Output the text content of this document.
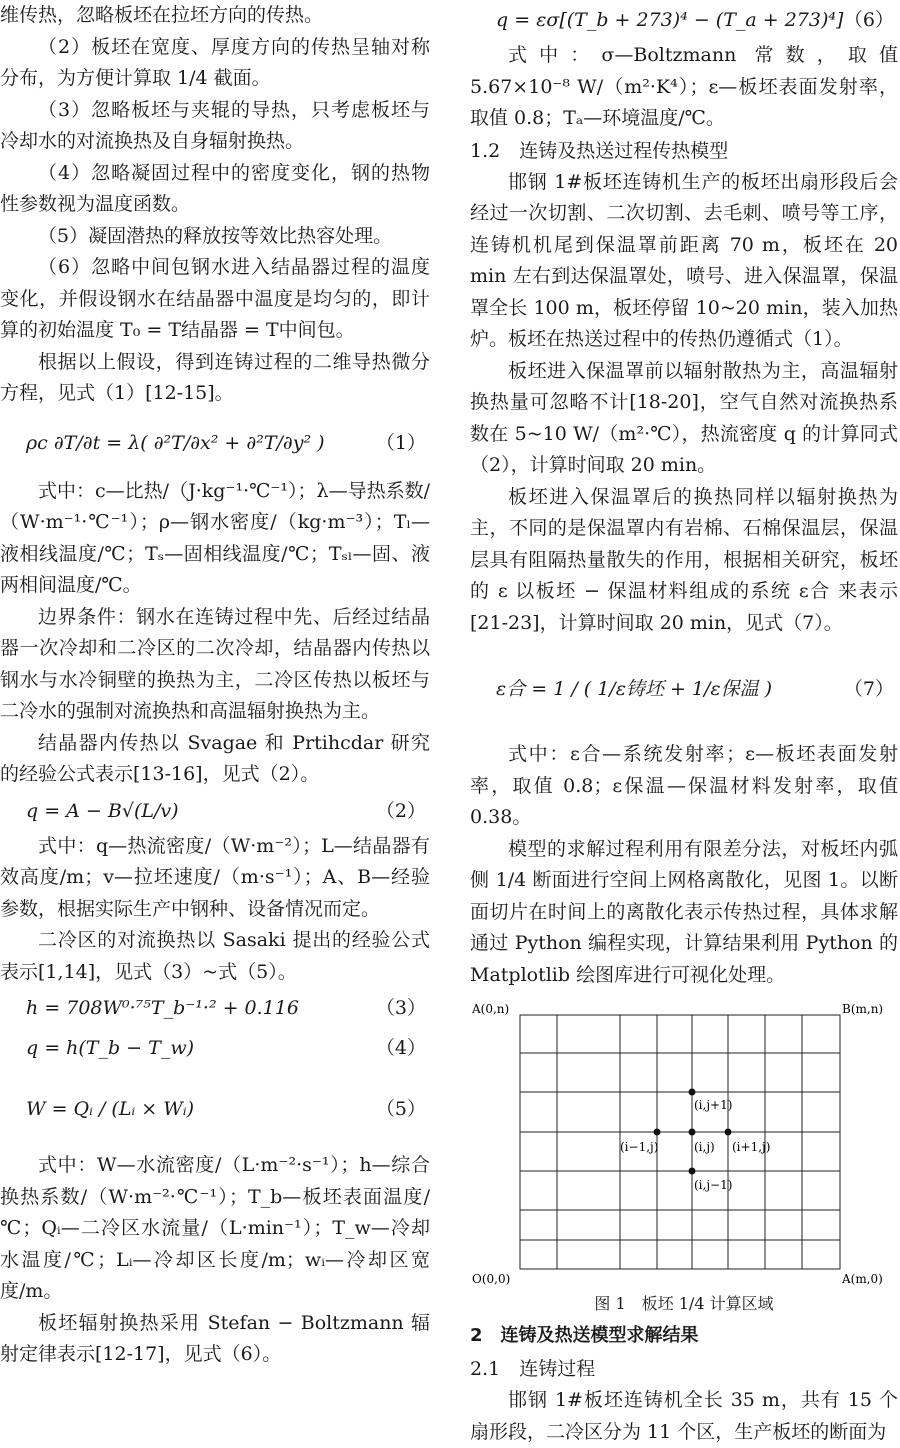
维传热，忽略板坯在拉坯方向的传热。

（2）板坯在宽度、厚度方向的传热呈轴对称分布，为方便计算取 1/4 截面。

（3）忽略板坯与夹辊的导热，只考虑板坯与冷却水的对流换热及自身辐射换热。

（4）忽略凝固过程中的密度变化，钢的热物性参数视为温度函数。

（5）凝固潜热的释放按等效比热容处理。

（6）忽略中间包钢水进入结晶器过程的温度变化，并假设钢水在结晶器中温度是均匀的，即计算的初始温度 T₀ = T结晶器 = T中间包。

根据以上假设，得到连铸过程的二维导热微分方程，见式（1）[12-15]。

ρc ∂T/∂t = λ( ∂²T/∂x² + ∂²T/∂y² )	（1）

式中：c—比热/（J·kg⁻¹·℃⁻¹）；λ—导热系数/（W·m⁻¹·℃⁻¹）；ρ—钢水密度/（kg·m⁻³）；Tₗ—液相线温度/℃；Tₛ—固相线温度/℃；Tₛₗ—固、液两相间温度/℃。

边界条件：钢水在连铸过程中先、后经过结晶器一次冷却和二冷区的二次冷却，结晶器内传热以钢水与水冷铜壁的换热为主，二冷区传热以板坯与二冷水的强制对流换热和高温辐射换热为主。

结晶器内传热以 Svagae 和 Prtihcdar 研究的经验公式表示[13-16]，见式（2）。

q = A − B√(L/v)	（2）

式中：q—热流密度/（W·m⁻²）；L—结晶器有效高度/m；v—拉坯速度/（m·s⁻¹）；A、B—经验参数，根据实际生产中钢种、设备情况而定。

二冷区的对流换热以 Sasaki 提出的经验公式表示[1,14]，见式（3）~式（5）。

h = 708W⁰·⁷⁵T_b⁻¹·² + 0.116	（3）
q = h(T_b − T_w)	（4）
W = Qᵢ / (Lᵢ × Wᵢ)	（5）

式中：W—水流密度/（L·m⁻²·s⁻¹）；h—综合换热系数/（W·m⁻²·℃⁻¹）；T_b—板坯表面温度/℃；Qᵢ—二冷区水流量/（L·min⁻¹）；T_w—冷却水温度/℃；Lᵢ—冷却区长度/m；wᵢ—冷却区宽度/m。

板坯辐射换热采用 Stefan − Boltzmann 辐射定律表示[12-17]，见式（6）。

q = εσ[(T_b + 273)⁴ − (T_a + 273)⁴] （6）

式中：σ—Boltzmann 常数，取值 5.67×10⁻⁸ W/（m²·K⁴）；ε—板坯表面发射率，取值 0.8；Tₐ—环境温度/℃。

1.2　连铸及热送过程传热模型

邯钢 1#板坯连铸机生产的板坯出扇形段后会经过一次切割、二次切割、去毛刺、喷号等工序，连铸机机尾到保温罩前距离 70 m，板坯在 20 min 左右到达保温罩处，喷号、进入保温罩，保温罩全长 100 m，板坯停留 10~20 min，装入加热炉。板坯在热送过程中的传热仍遵循式（1）。

板坯进入保温罩前以辐射散热为主，高温辐射换热量可忽略不计[18-20]，空气自然对流换热系数在 5~10 W/（m²·℃），热流密度 q 的计算同式（2），计算时间取 20 min。

板坯进入保温罩后的换热同样以辐射换热为主，不同的是保温罩内有岩棉、石棉保温层，保温层具有阻隔热量散失的作用，根据相关研究，板坯的 ε 以板坯 − 保温材料组成的系统 ε合 来表示[21-23]，计算时间取 20 min，见式（7）。

ε合 = 1 / ( 1/ε铸坯 + 1/ε保温 )	（7）

式中：ε合—系统发射率；ε—板坯表面发射率，取值 0.8；ε保温—保温材料发射率，取值 0.38。

模型的求解过程利用有限差分法，对板坯内弧侧 1/4 断面进行空间上网格离散化，见图 1。以断面切片在时间上的离散化表示传热过程，具体求解通过 Python 编程实现，计算结果利用 Python 的 Matplotlib 绘图库进行可视化处理。

A(0,n)	B(m,n)
O(0,0)	A(m,0)
(i,j+1)
(i−1,j)	(i,j) (i+1,j)
(i,j−1)

图 1　板坯 1/4 计算区域

2　连铸及热送模型求解结果

2.1　连铸过程

邯钢 1#板坯连铸机全长 35 m，共有 15 个扇形段，二冷区分为 11 个区，生产板坯的断面为
